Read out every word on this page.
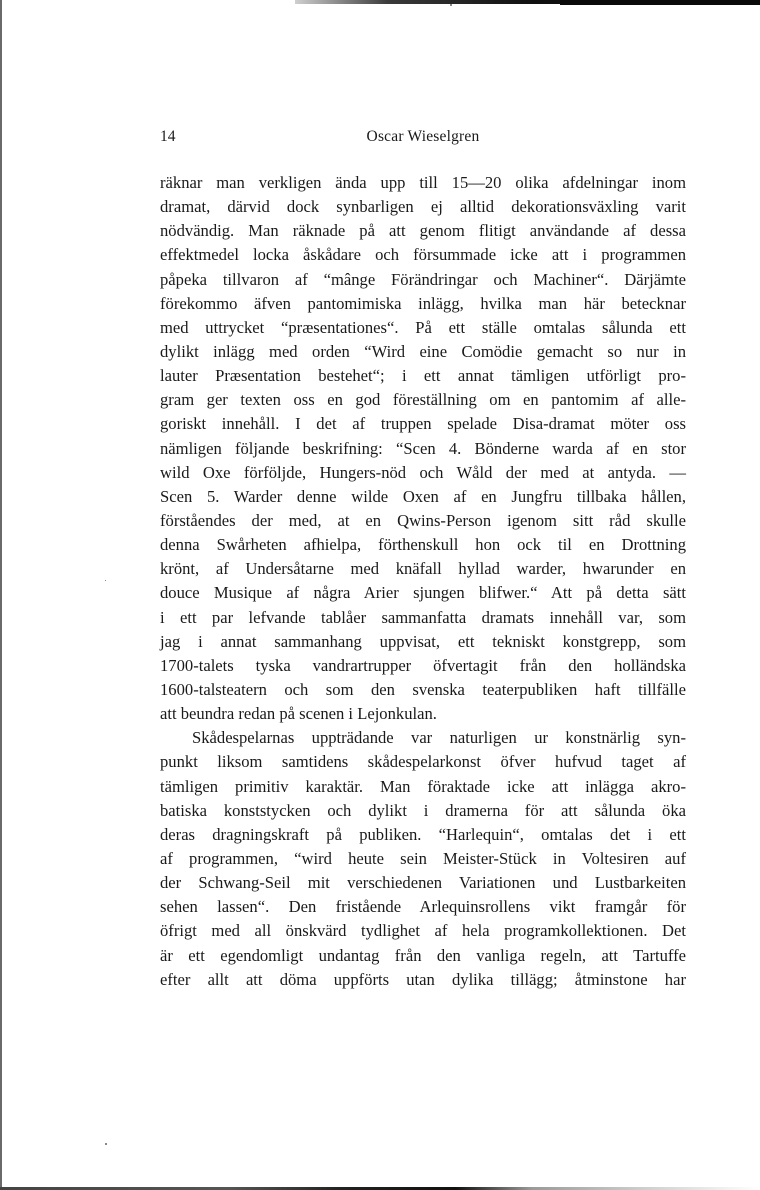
14	Oscar Wieselgren
räknar man verkligen ända upp till 15—20 olika afdelningar inom
dramat, därvid dock synbarligen ej alltid dekorationsväxling varit
nödvändig. Man räknade på att genom flitigt användande af dessa
effektmedel locka åskådare och försummade icke att i programmen
påpeka tillvaron af “mânge Förändringar och Machiner“. Därjämte
förekommo äfven pantomimiska inlägg, hvilka man här betecknar
med uttrycket “præsentationes“. På ett ställe omtalas sålunda ett
dylikt inlägg med orden “Wird eine Comödie gemacht so nur in
lauter Præsentation bestehet“; i ett annat tämligen utförligt pro-
gram ger texten oss en god föreställning om en pantomim af alle-
goriskt innehåll. I det af truppen spelade Disa-dramat möter oss
nämligen följande beskrifning: “Scen 4. Bönderne warda af en stor
wild Oxe förföljde, Hungers-nöd och Wåld der med at antyda. —
Scen 5. Warder denne wilde Oxen af en Jungfru tillbaka hållen,
förståendes der med, at en Qwins-Person igenom sitt råd skulle
denna Swårheten afhielpa, förthenskull hon ock til en Drottning
krönt, af Undersåtarne med knäfall hyllad warder, hwarunder en
douce Musique af några Arier sjungen blifwer.“ Att på detta sätt
i ett par lefvande tablåer sammanfatta dramats innehåll var, som
jag i annat sammanhang uppvisat, ett tekniskt konstgrepp, som
1700-talets tyska vandrartrupper öfvertagit från den holländska
1600-talsteatern och som den svenska teaterpubliken haft tillfälle
att beundra redan på scenen i Lejonkulan.
Skådespelarnas uppträdande var naturligen ur konstnärlig syn-
punkt liksom samtidens skådespelarkonst öfver hufvud taget af
tämligen primitiv karaktär. Man föraktade icke att inlägga akro-
batiska konststycken och dylikt i dramerna för att sålunda öka
deras dragningskraft på publiken. “Harlequin“, omtalas det i ett
af programmen, “wird heute sein Meister-Stück in Voltesiren auf
der Schwang-Seil mit verschiedenen Variationen und Lustbarkeiten
sehen lassen“. Den fristående Arlequinsrollens vikt framgår för
öfrigt med all önskvärd tydlighet af hela programkollektionen. Det
är ett egendomligt undantag från den vanliga regeln, att Tartuffe
efter allt att döma uppförts utan dylika tillägg; åtminstone har
